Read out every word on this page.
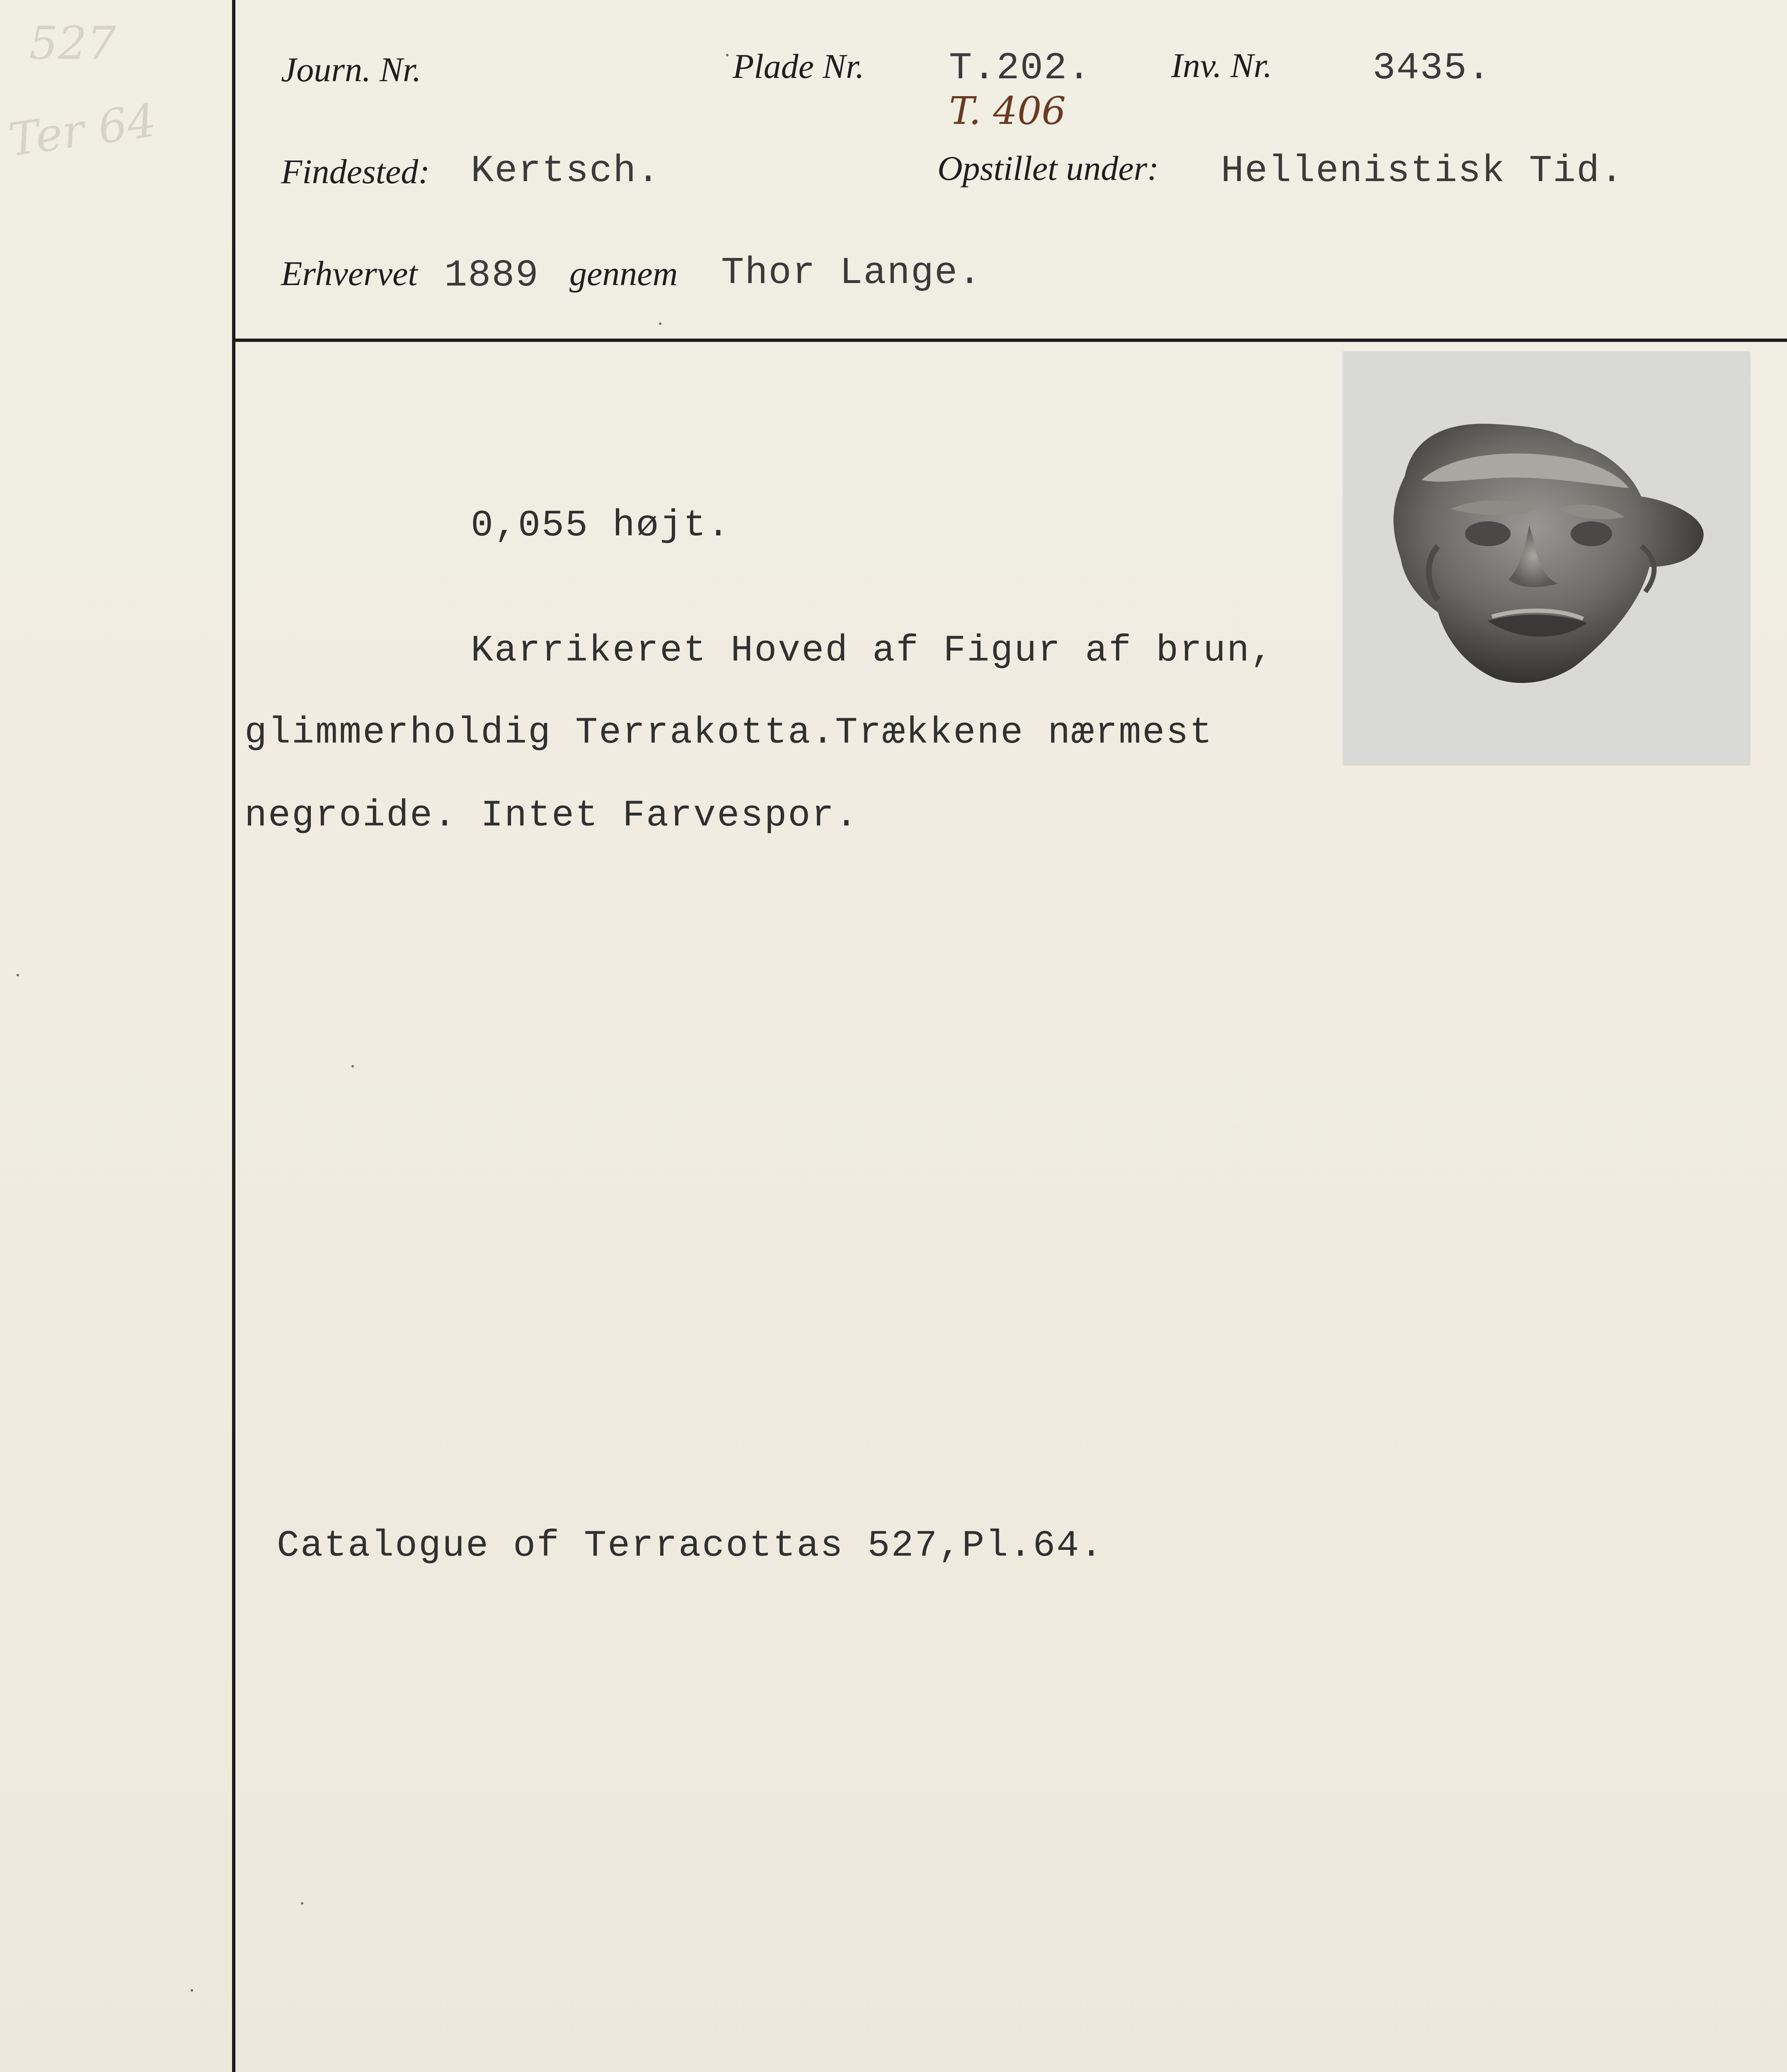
527
Ter 64
Journ. Nr.	Plade Nr. T.202.
T. 406
Inv. Nr.	3435.
Findested: Kertsch.	Opstillet under: Hellenistisk Tid.
Erhvervet 1889 gennem Thor Lange.
0,055 højt.
Karrikeret Hoved af Figur af brun,
glimmerholdig Terrakotta.Trækkene nærmest
negroide. Intet Farvespor.
Catalogue of Terracottas 527,Pl.64.
